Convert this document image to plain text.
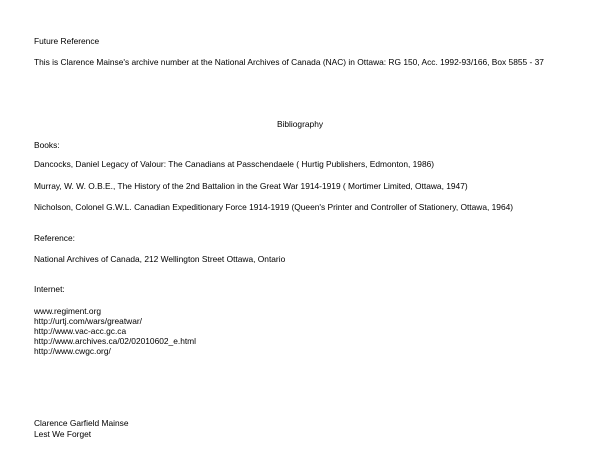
Future Reference
This is Clarence Mainse's archive number at the National Archives of Canada (NAC) in Ottawa: RG 150, Acc. 1992-93/166, Box 5855 - 37
Bibliography
Books:
Dancocks, Daniel Legacy of Valour: The Canadians at Passchendaele ( Hurtig Publishers, Edmonton, 1986)
Murray, W. W. O.B.E., The History of the 2nd Battalion in the Great War 1914-1919 ( Mortimer Limited, Ottawa, 1947)
Nicholson, Colonel G.W.L. Canadian Expeditionary Force 1914-1919 (Queen's Printer and Controller of Stationery, Ottawa, 1964)
Reference:
National Archives of Canada, 212 Wellington Street Ottawa, Ontario
Internet:
www.regiment.org
http://urtj.com/wars/greatwar/
http://www.vac-acc.gc.ca
http://www.archives.ca/02/02010602_e.html
http://www.cwgc.org/
Clarence Garfield Mainse
Lest We Forget
